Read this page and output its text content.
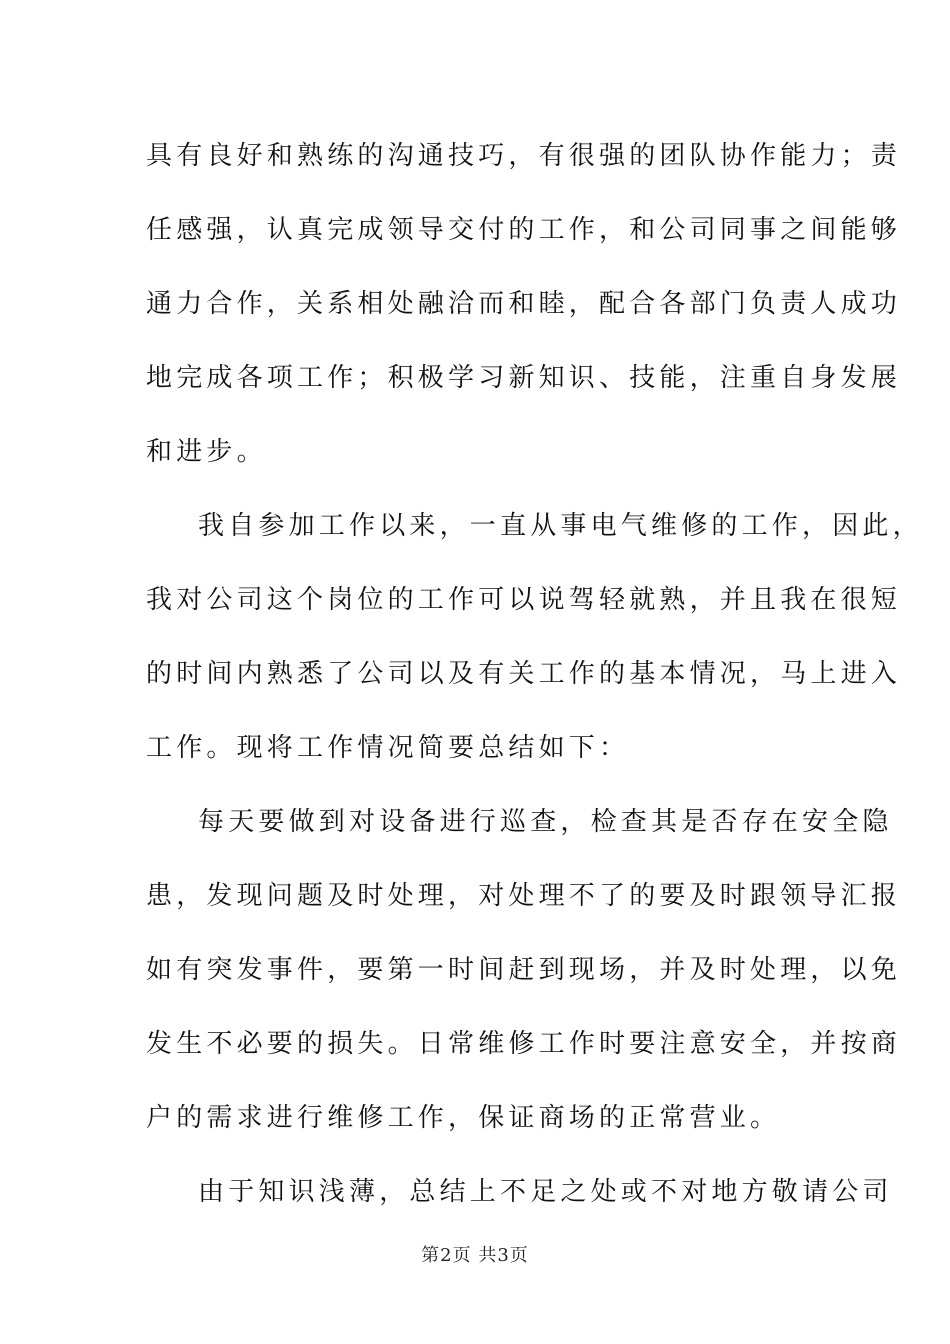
具有良好和熟练的沟通技巧，有很强的团队协作能力；责
任感强，认真完成领导交付的工作，和公司同事之间能够
通力合作，关系相处融洽而和睦，配合各部门负责人成功
地完成各项工作；积极学习新知识、技能，注重自身发展
和进步。
我自参加工作以来，一直从事电气维修的工作，因此，
我对公司这个岗位的工作可以说驾轻就熟，并且我在很短
的时间内熟悉了公司以及有关工作的基本情况，马上进入
工作。现将工作情况简要总结如下：
每天要做到对设备进行巡查，检查其是否存在安全隐
患，发现问题及时处理，对处理不了的要及时跟领导汇报
如有突发事件，要第一时间赶到现场，并及时处理，以免
发生不必要的损失。日常维修工作时要注意安全，并按商
户的需求进行维修工作，保证商场的正常营业。
由于知识浅薄，总结上不足之处或不对地方敬请公司
第2页 共3页
